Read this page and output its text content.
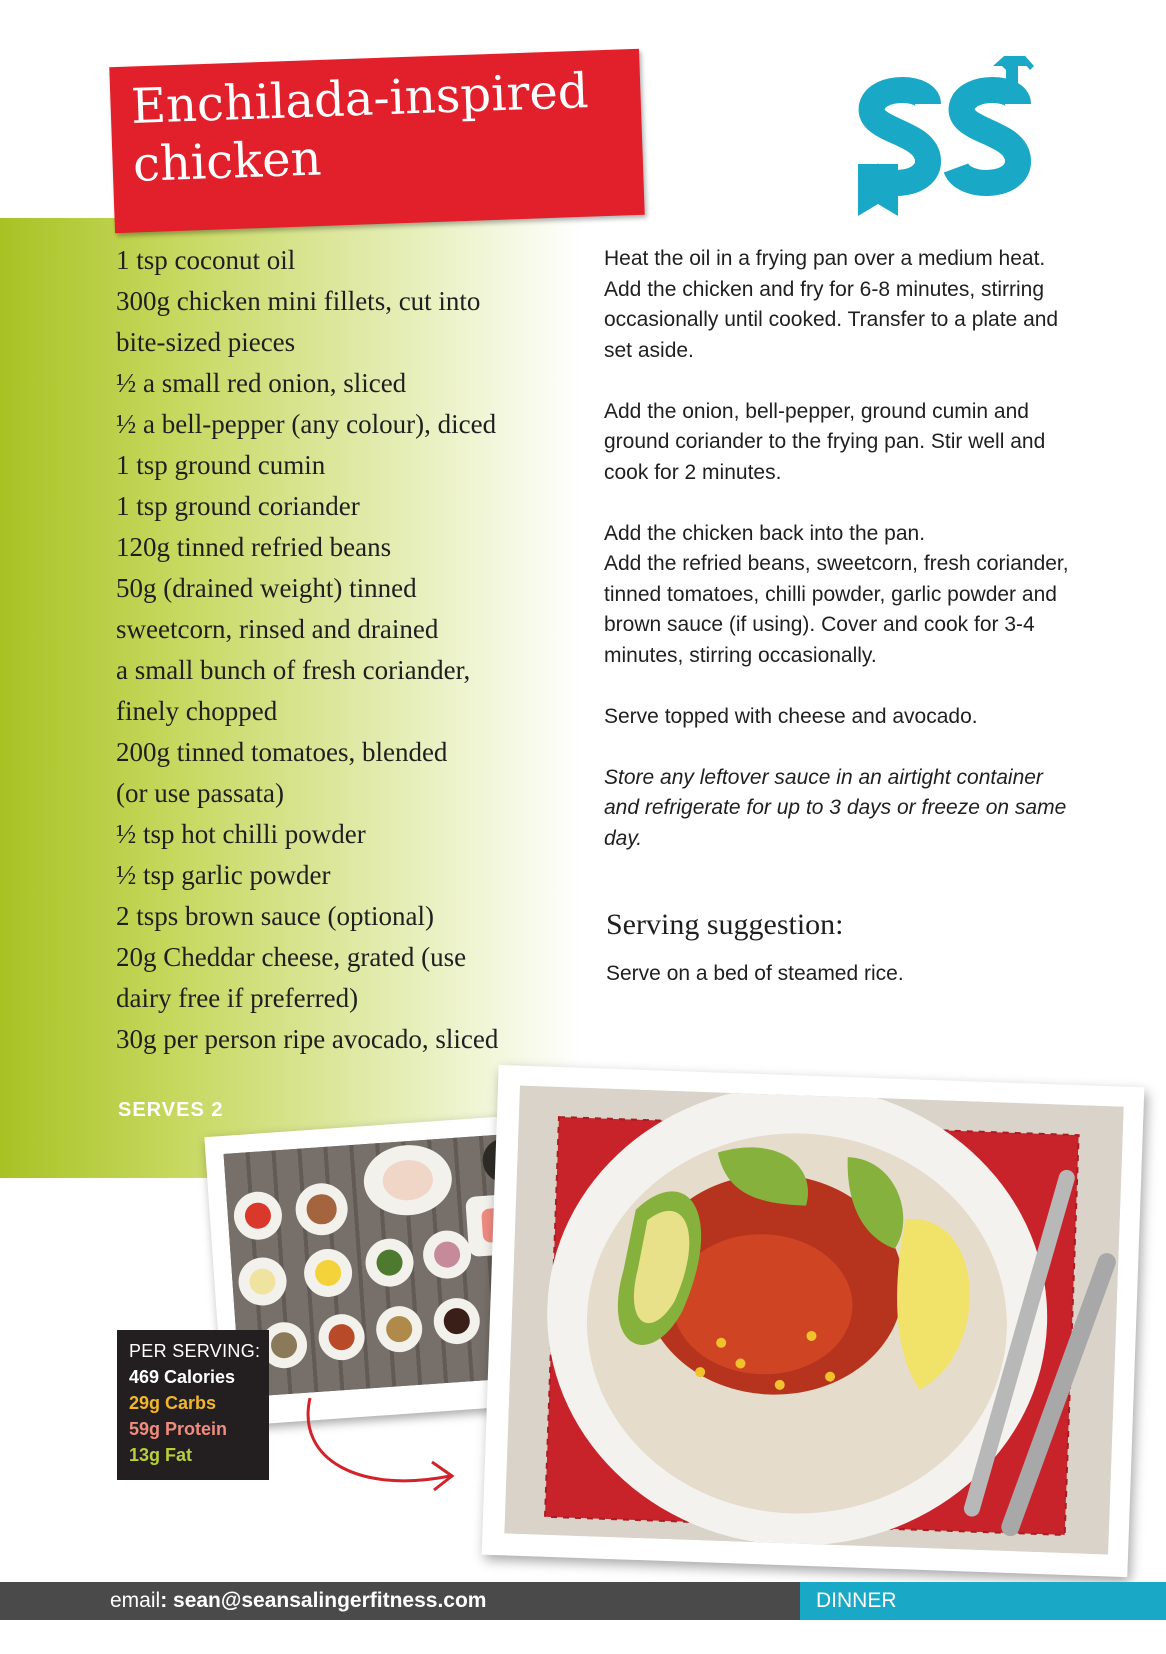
Enchilada-inspired chicken
1 tsp coconut oil
300g chicken mini fillets, cut into
bite-sized pieces
½ a small red onion, sliced
½ a bell-pepper (any colour), diced
1 tsp ground cumin
1 tsp ground coriander
120g tinned refried beans
50g (drained weight) tinned
sweetcorn, rinsed and drained
a small bunch of fresh coriander,
finely chopped
200g tinned tomatoes, blended
(or use passata)
½ tsp hot chilli powder
½ tsp garlic powder
2 tsps brown sauce (optional)
20g Cheddar cheese, grated (use
dairy free if preferred)
30g per person ripe avocado, sliced
SERVES 2

Heat the oil in a frying pan over a medium heat. Add the chicken and fry for 6-8 minutes, stirring occasionally until cooked. Transfer to a plate and set aside.

Add the onion, bell-pepper, ground cumin and ground coriander to the frying pan. Stir well and cook for 2 minutes.

Add the chicken back into the pan.

Add the refried beans, sweetcorn, fresh coriander, tinned tomatoes, chilli powder, garlic powder and brown sauce (if using). Cover and cook for 3-4 minutes, stirring occasionally.

Serve topped with cheese and avocado.

Store any leftover sauce in an airtight container and refrigerate for up to 3 days or freeze on same day.

Serving suggestion:
Serve on a bed of steamed rice.
PER SERVING:
469 Calories
29g Carbs
59g Protein
13g Fat
email: sean@seansalingerfitness.com	DINNER
